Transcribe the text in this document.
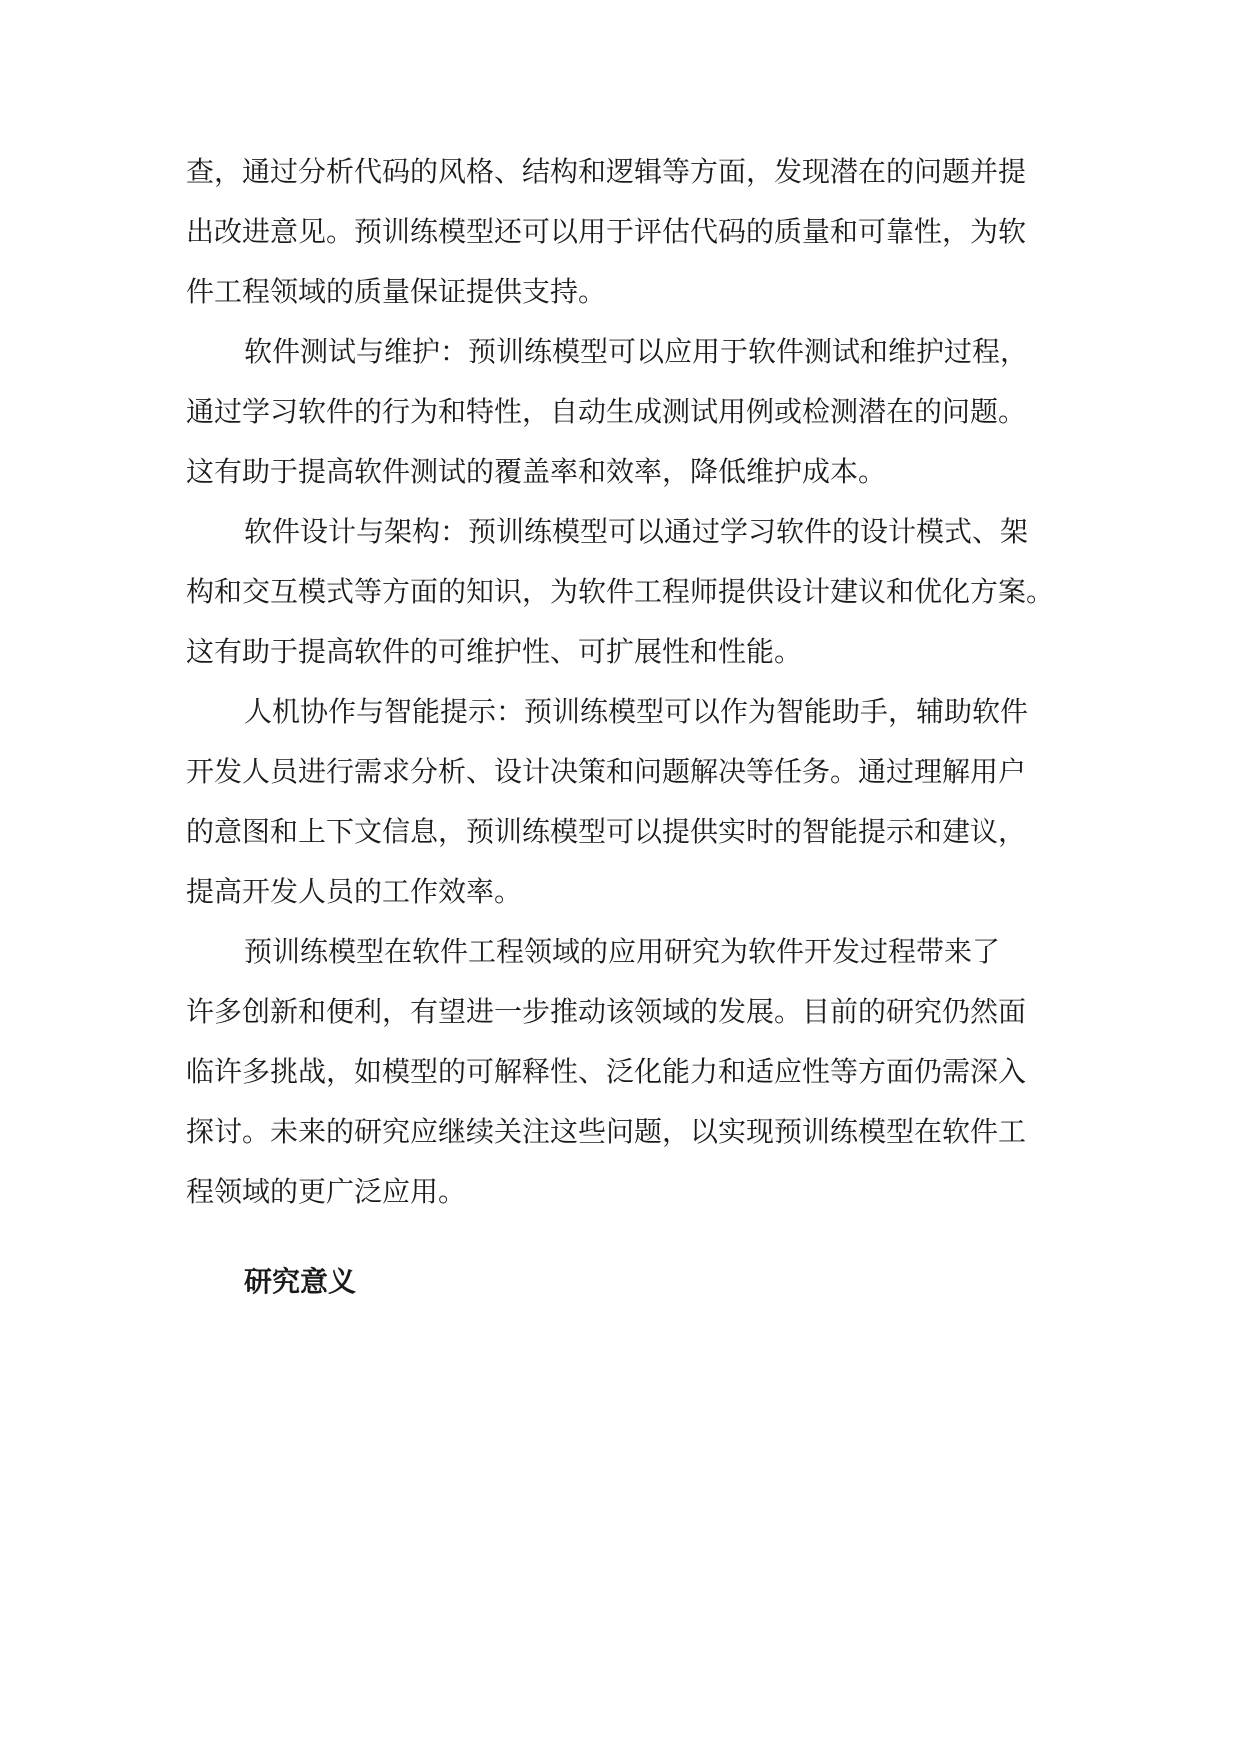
查，通过分析代码的风格、结构和逻辑等方面，发现潜在的问题并提
出改进意见。预训练模型还可以用于评估代码的质量和可靠性，为软
件工程领域的质量保证提供支持。
软件测试与维护：预训练模型可以应用于软件测试和维护过程，
通过学习软件的行为和特性，自动生成测试用例或检测潜在的问题。
这有助于提高软件测试的覆盖率和效率，降低维护成本。
软件设计与架构：预训练模型可以通过学习软件的设计模式、架
构和交互模式等方面的知识，为软件工程师提供设计建议和优化方案。
这有助于提高软件的可维护性、可扩展性和性能。
人机协作与智能提示：预训练模型可以作为智能助手，辅助软件
开发人员进行需求分析、设计决策和问题解决等任务。通过理解用户
的意图和上下文信息，预训练模型可以提供实时的智能提示和建议，
提高开发人员的工作效率。
预训练模型在软件工程领域的应用研究为软件开发过程带来了
许多创新和便利，有望进一步推动该领域的发展。目前的研究仍然面
临许多挑战，如模型的可解释性、泛化能力和适应性等方面仍需深入
探讨。未来的研究应继续关注这些问题，以实现预训练模型在软件工
程领域的更广泛应用。
研究意义
